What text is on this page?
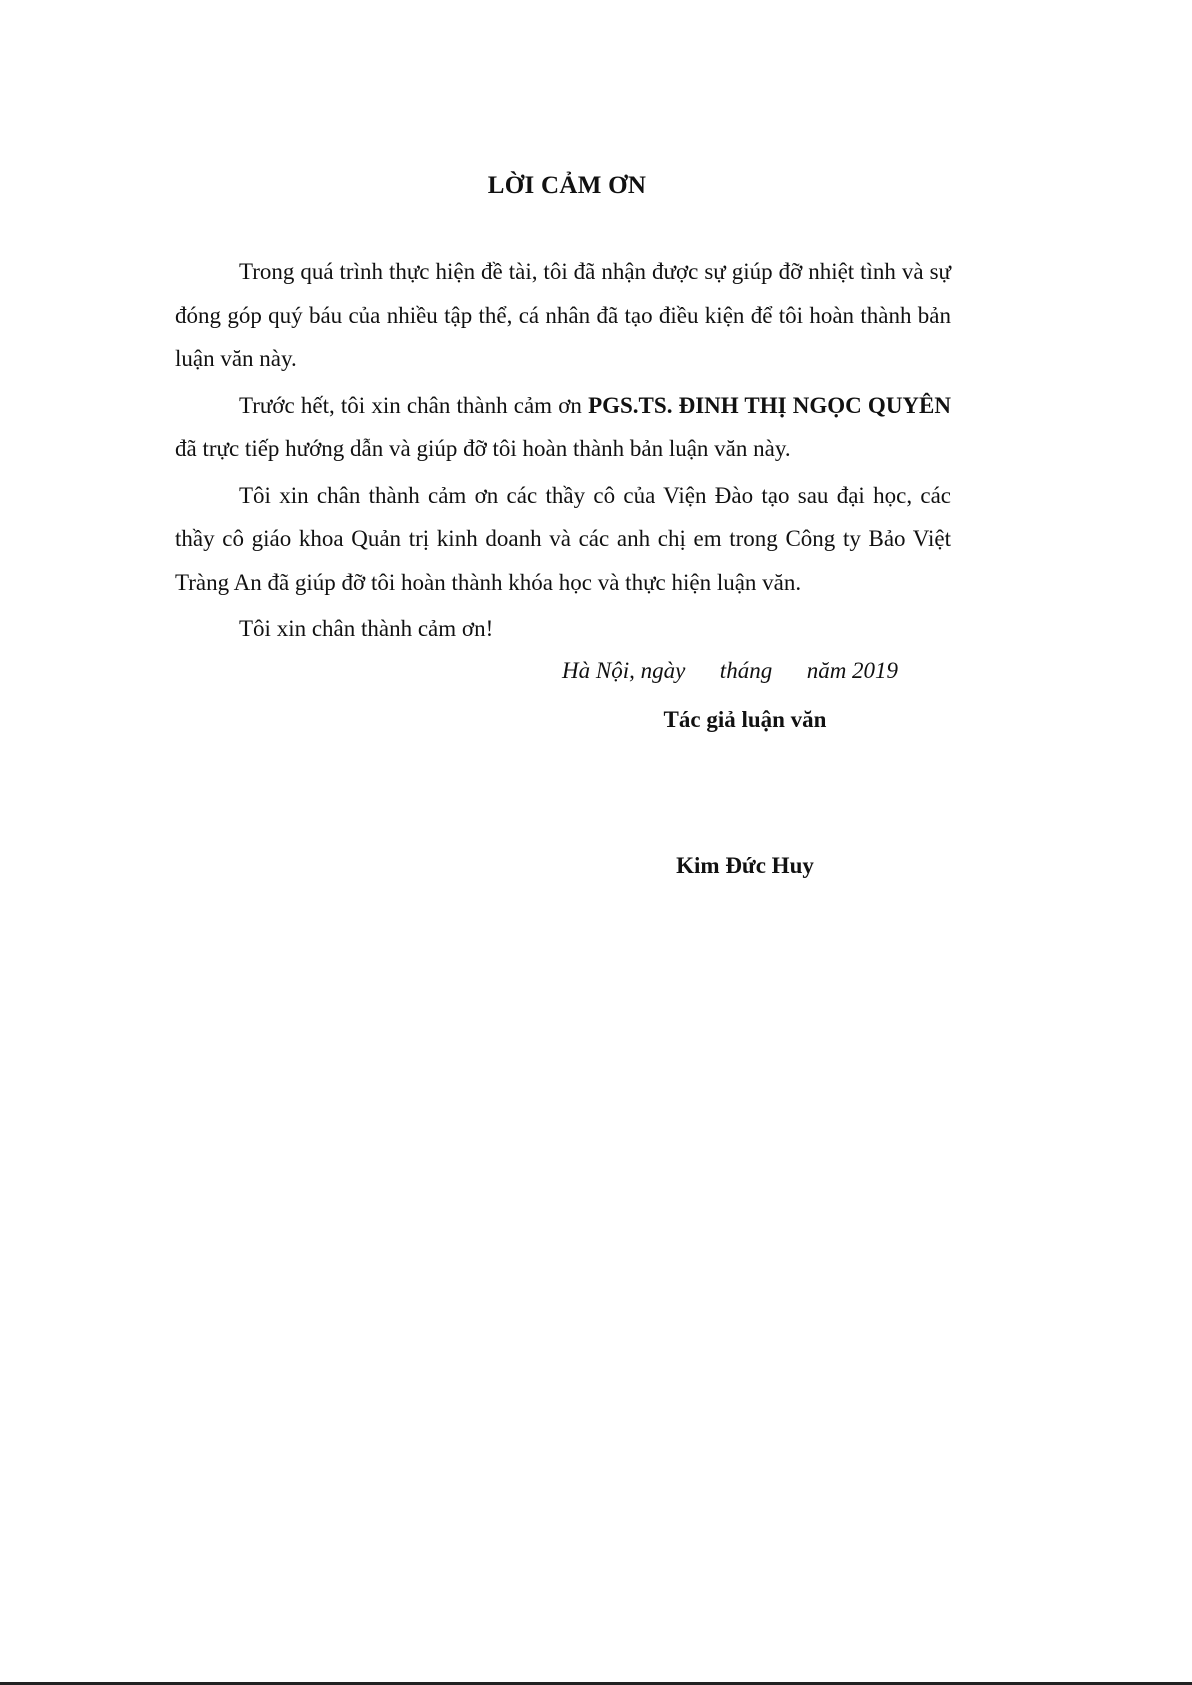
LỜI CẢM ƠN

Trong quá trình thực hiện đề tài, tôi đã nhận được sự giúp đỡ nhiệt tình và sự đóng góp quý báu của nhiều tập thể, cá nhân đã tạo điều kiện để tôi hoàn thành bản luận văn này.

Trước hết, tôi xin chân thành cảm ơn PGS.TS. ĐINH THỊ NGỌC QUYÊN đã trực tiếp hướng dẫn và giúp đỡ tôi hoàn thành bản luận văn này.

Tôi xin chân thành cảm ơn các thầy cô của Viện Đào tạo sau đại học, các thầy cô giáo khoa Quản trị kinh doanh và các anh chị em trong Công ty Bảo Việt Tràng An đã giúp đỡ tôi hoàn thành khóa học và thực hiện luận văn.

Tôi xin chân thành cảm ơn!

Hà Nội, ngày      tháng      năm 2019
Tác giả luận văn
Kim Đức Huy
